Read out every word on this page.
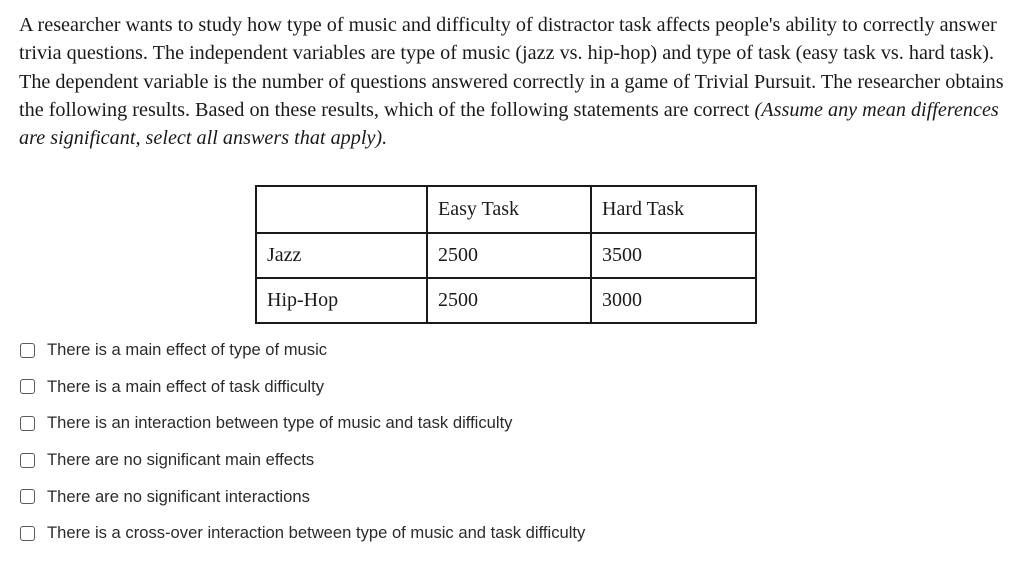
A researcher wants to study how type of music and difficulty of distractor task affects people's ability to correctly answer trivia questions. The independent variables are type of music (jazz vs. hip-hop) and type of task (easy task vs. hard task). The dependent variable is the number of questions answered correctly in a game of Trivial Pursuit. The researcher obtains the following results. Based on these results, which of the following statements are correct (Assume any mean differences are significant, select all answers that apply).

	Easy Task	Hard Task
Jazz	2500	3500
Hip-Hop	2500	3000
There is a main effect of type of music
There is a main effect of task difficulty
There is an interaction between type of music and task difficulty
There are no significant main effects
There are no significant interactions
There is a cross-over interaction between type of music and task difficulty
